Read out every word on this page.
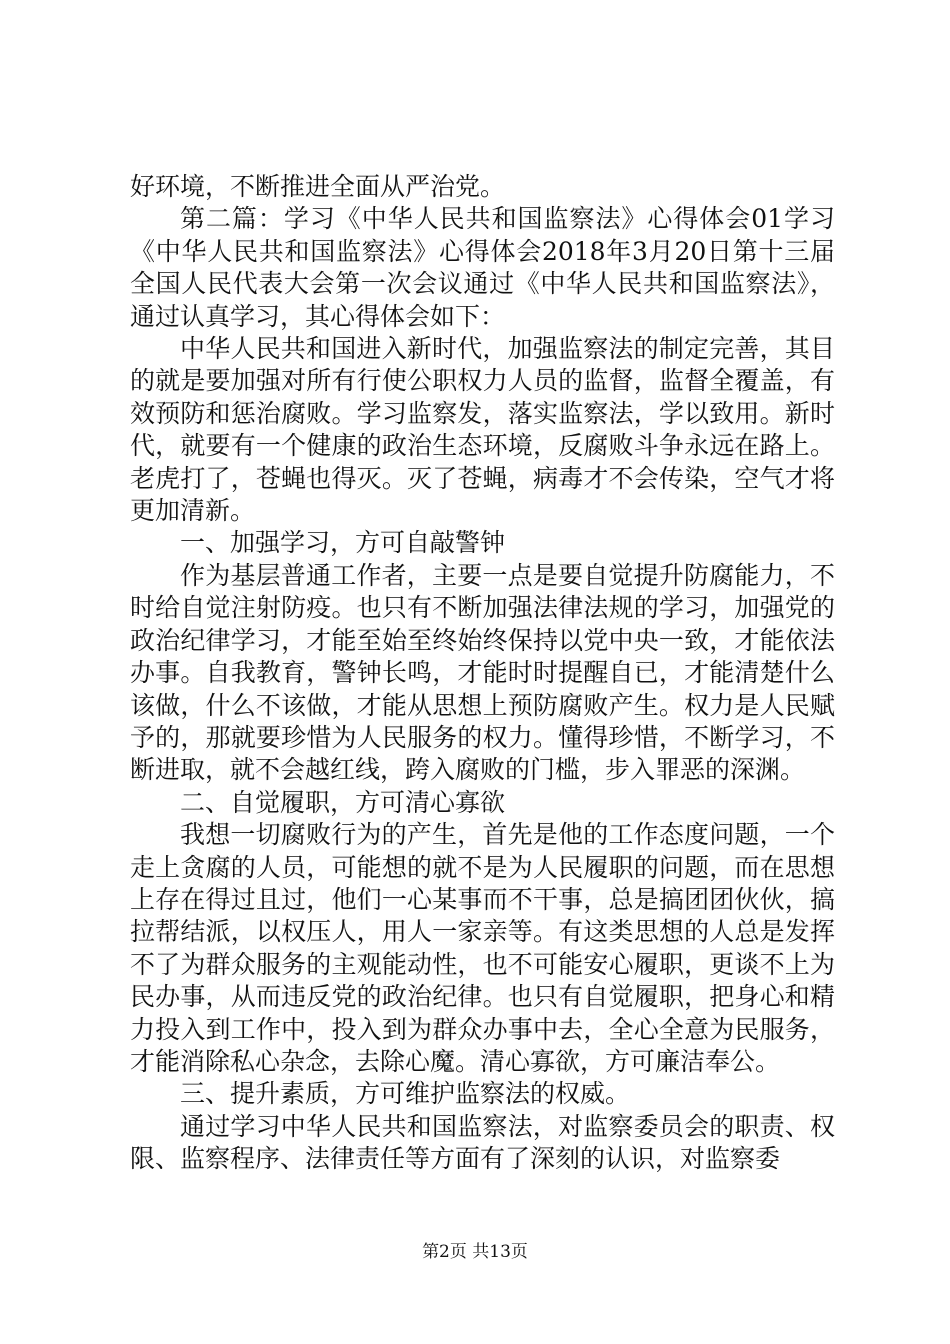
好环境，不断推进全面从严治党。

第二篇：学习《中华人民共和国监察法》心得体会01学习《中华人民共和国监察法》心得体会2018年3月20日第十三届全国人民代表大会第一次会议通过《中华人民共和国监察法》，通过认真学习，其心得体会如下：

中华人民共和国进入新时代，加强监察法的制定完善，其目的就是要加强对所有行使公职权力人员的监督，监督全覆盖，有效预防和惩治腐败。学习监察发，落实监察法，学以致用。新时代，就要有一个健康的政治生态环境，反腐败斗争永远在路上。老虎打了，苍蝇也得灭。灭了苍蝇，病毒才不会传染，空气才将更加清新。

一、加强学习，方可自敲警钟

作为基层普通工作者，主要一点是要自觉提升防腐能力，不时给自觉注射防疫。也只有不断加强法律法规的学习，加强党的政治纪律学习，才能至始至终始终保持以党中央一致，才能依法办事。自我教育，警钟长鸣，才能时时提醒自已，才能清楚什么该做，什么不该做，才能从思想上预防腐败产生。权力是人民赋予的，那就要珍惜为人民服务的权力。懂得珍惜，不断学习，不断进取，就不会越红线，跨入腐败的门槛，步入罪恶的深渊。

二、自觉履职，方可清心寡欲

我想一切腐败行为的产生，首先是他的工作态度问题，一个走上贪腐的人员，可能想的就不是为人民履职的问题，而在思想上存在得过且过，他们一心某事而不干事，总是搞团团伙伙，搞拉帮结派，以权压人，用人一家亲等。有这类思想的人总是发挥不了为群众服务的主观能动性，也不可能安心履职，更谈不上为民办事，从而违反党的政治纪律。也只有自觉履职，把身心和精力投入到工作中，投入到为群众办事中去，全心全意为民服务，才能消除私心杂念，去除心魔。清心寡欲，方可廉洁奉公。

三、提升素质，方可维护监察法的权威。

通过学习中华人民共和国监察法，对监察委员会的职责、权限、监察程序、法律责任等方面有了深刻的认识，对监察委

第2页 共13页
